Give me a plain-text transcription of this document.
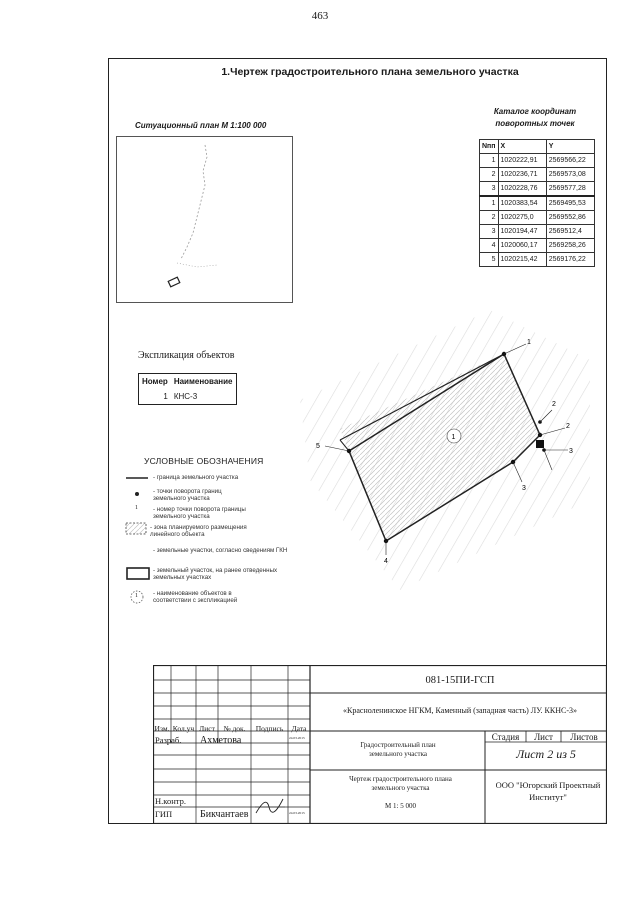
463
1.Чертеж градостроительного плана земельного участка
Ситуационный план М 1:100 000
Каталог координат поворотных точек
Nпп	X	Y
1	1020222,91	2569566,22
2	1020236,71	2569573,08
3	1020228,76	2569577,28
1	1020383,54	2569495,53
2	1020275,0	2569552,86
3	1020194,47	2569512,4
4	1020060,17	2569258,26
5	1020215,42	2569176,22
1
2
2
3
3
4
5
1
Экспликация объектов
Номер	Наименование
1	КНС-3
УСЛОВНЫЕ ОБОЗНАЧЕНИЯ
1
1
- граница земельного участка
- точки поворота границ земельного участка
- номер точки поворота границы земельного участка
- зона планируемого размещения линейного объекта
- земельные участки, согласно сведениям ГКН
- земельный участок, на ранее отведенных земельных участках
- наименование объектов в соответствии с экспликацией
Изм. Кол.уч Лист	№ док.	Подпись	Дата
Разраб. Ахметова	24.03.2015
Н.контр.
ГИП	Бикчантаев	24.03.2015
081-15ПИ-ГСП
«Красноленинское НГКМ, Каменный (западная часть) ЛУ. ККНС-3»
Градостроительный план земельного участка
Стадия	Лист	Листов
Лист 2 из 5
Чертеж градостроительного плана земельного участка
М 1: 5 000
ООО "Югорский Проектный Институт"
